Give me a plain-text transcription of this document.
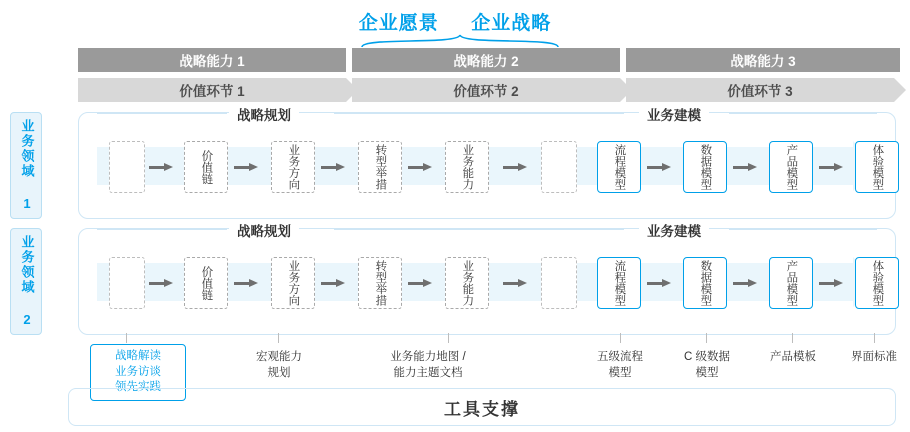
企业愿景 企业战略
战略能力 1	战略能力 2	战略能力 3
价值环节 1	价值环节 2	价值环节 3
业务领域 1
业务领域 2
战略规划	业务建模
价值链	业务方向	转型举措	业务能力	流程模型	数据模型	产品模型	体验模型
战略规划	业务建模
价值链	业务方向	转型举措	业务能力	流程模型	数据模型	产品模型	体验模型
战略解读
业务访谈
领先实践
宏观能力
规划
业务能力地图 /
能力主题文档
五级流程
模型
C 级数据
模型
产品模板	界面标准
工具支撑
